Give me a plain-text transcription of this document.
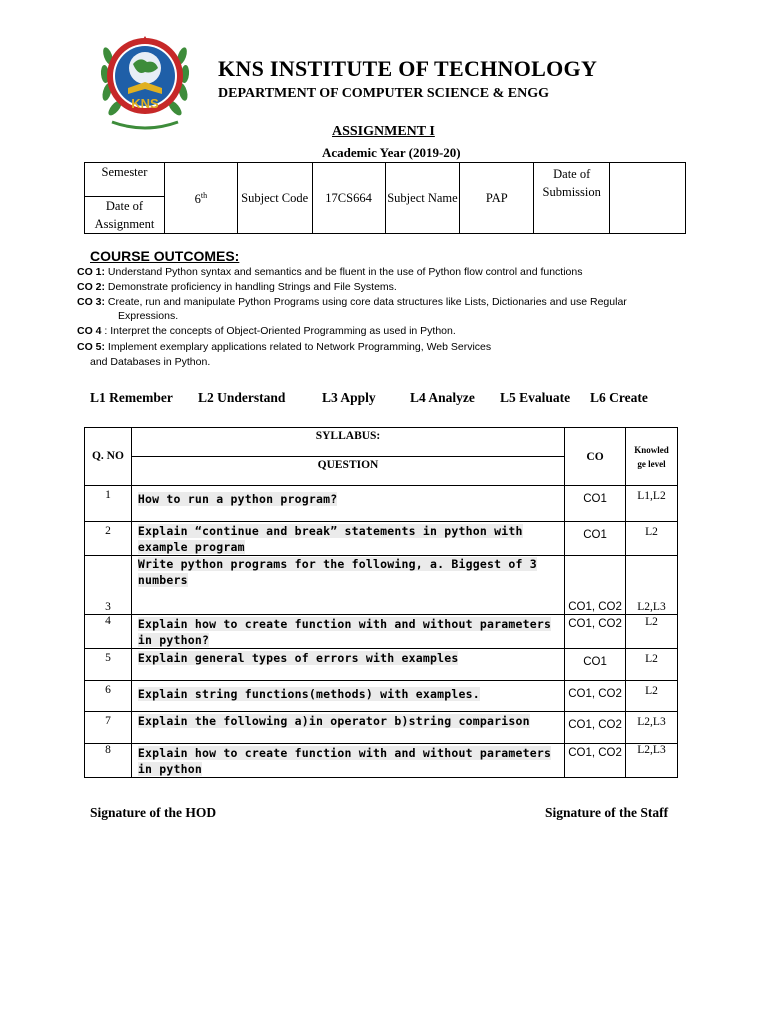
KNS
KNS INSTITUTE OF TECHNOLOGY
DEPARTMENT OF COMPUTER SCIENCE & ENGG
ASSIGNMENT I
Academic Year (2019-20)
Semester	6th	Subject Code	17CS664	Subject Name	PAP	Date of Submission	
Date of Assignment
COURSE OUTCOMES:
CO 1: Understand Python syntax and semantics and be fluent in the use of Python flow control and functions
CO 2: Demonstrate proficiency in handling Strings and File Systems.
CO 3: Create, run and manipulate Python Programs using core data structures like Lists, Dictionaries and use Regular
Expressions.
CO 4 : Interpret the concepts of Object-Oriented Programming as used in Python.
CO 5: Implement exemplary applications related to Network Programming, Web Services
and Databases in Python.
L1 Remember L2 Understand	L3 Apply	L4 Analyze L5 Evaluate L6 Create
Q. NO	SYLLABUS:	CO	Knowled ge level
	QUESTION		
1	How to run a python program?	CO1	L1,L2
2	Explain “continue and break” statements in python with example program	CO1	L2
3	Write python programs for the following, a. Biggest of 3 numbers	CO1, CO2	L2,L3
4	Explain how to create function with and without parameters in python?	CO1, CO2	L2
5	Explain general types of errors with examples	CO1	L2
6	Explain string functions(methods) with examples.	CO1, CO2	L2
7	Explain the following a)in operator b)string comparison	CO1, CO2	L2,L3
8	Explain how to create function with and without parameters in python	CO1, CO2	L2,L3
Signature of the HOD	Signature of the Staff
